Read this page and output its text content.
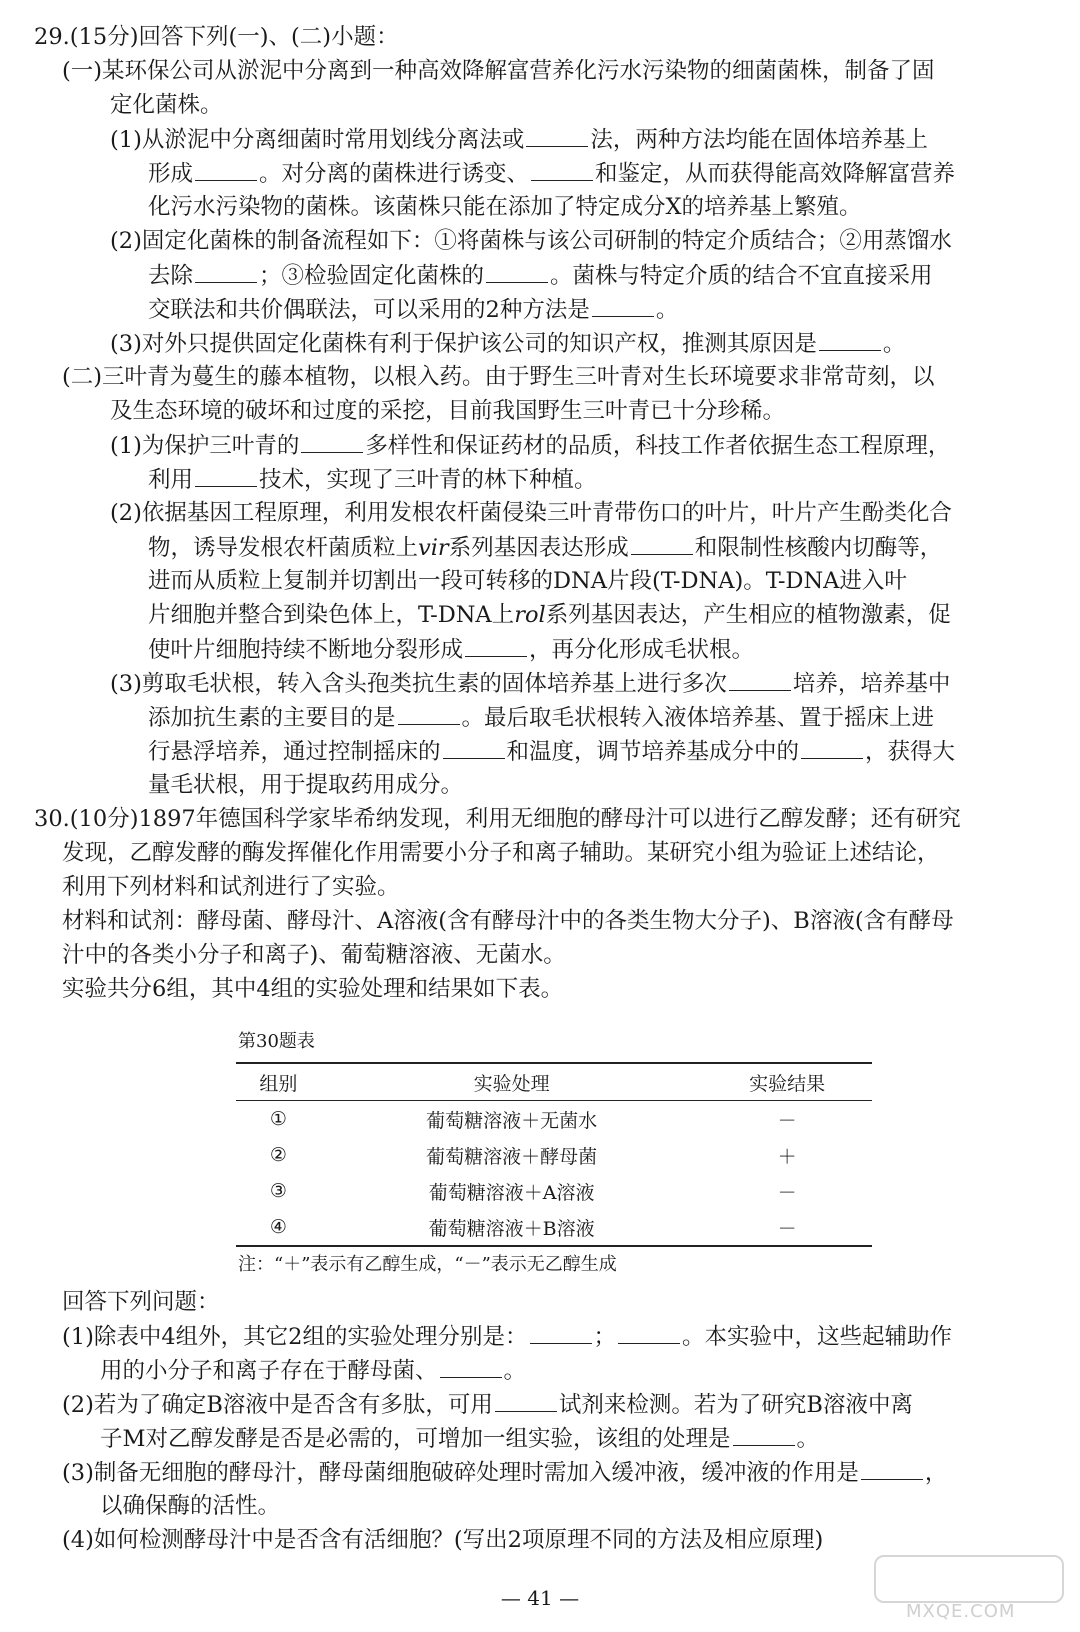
29.(15分)回答下列(一)、(二)小题：
(一)某环保公司从淤泥中分离到一种高效降解富营养化污水污染物的细菌菌株，制备了固
定化菌株。
(1)从淤泥中分离细菌时常用划线分离法或	法，两种方法均能在固体培养基上
形成	。对分离的菌株进行诱变、	和鉴定，从而获得能高效降解富营养
化污水污染物的菌株。该菌株只能在添加了特定成分X的培养基上繁殖。
(2)固定化菌株的制备流程如下：①将菌株与该公司研制的特定介质结合；②用蒸馏水
去除	；③检验固定化菌株的	。菌株与特定介质的结合不宜直接采用
交联法和共价偶联法，可以采用的2种方法是	。
(3)对外只提供固定化菌株有利于保护该公司的知识产权，推测其原因是	。
(二)三叶青为蔓生的藤本植物，以根入药。由于野生三叶青对生长环境要求非常苛刻，以
及生态环境的破坏和过度的采挖，目前我国野生三叶青已十分珍稀。
(1)为保护三叶青的	多样性和保证药材的品质，科技工作者依据生态工程原理，
利用	技术，实现了三叶青的林下种植。
(2)依据基因工程原理，利用发根农杆菌侵染三叶青带伤口的叶片，叶片产生酚类化合
物，诱导发根农杆菌质粒上vir系列基因表达形成	和限制性核酸内切酶等，
进而从质粒上复制并切割出一段可转移的DNA片段(T-DNA)。T-DNA进入叶
片细胞并整合到染色体上，T-DNA上rol系列基因表达，产生相应的植物激素，促
使叶片细胞持续不断地分裂形成	，再分化形成毛状根。
(3)剪取毛状根，转入含头孢类抗生素的固体培养基上进行多次	培养，培养基中
添加抗生素的主要目的是	。最后取毛状根转入液体培养基、置于摇床上进
行悬浮培养，通过控制摇床的	和温度，调节培养基成分中的	，获得大
量毛状根，用于提取药用成分。
30.(10分)1897年德国科学家毕希纳发现，利用无细胞的酵母汁可以进行乙醇发酵；还有研究
发现，乙醇发酵的酶发挥催化作用需要小分子和离子辅助。某研究小组为验证上述结论，
利用下列材料和试剂进行了实验。
材料和试剂：酵母菌、酵母汁、A溶液(含有酵母汁中的各类生物大分子)、B溶液(含有酵母
汁中的各类小分子和离子)、葡萄糖溶液、无菌水。
实验共分6组，其中4组的实验处理和结果如下表。
第30题表
组别	实验处理	实验结果
①	葡萄糖溶液＋无菌水	－
②	葡萄糖溶液＋酵母菌	＋
③	葡萄糖溶液＋A溶液	－
④	葡萄糖溶液＋B溶液	－
注：“＋”表示有乙醇生成，“－”表示无乙醇生成
回答下列问题：
(1)除表中4组外，其它2组的实验处理分别是：	；	。本实验中，这些起辅助作
用的小分子和离子存在于酵母菌、	。
(2)若为了确定B溶液中是否含有多肽，可用	试剂来检测。若为了研究B溶液中离
子M对乙醇发酵是否是必需的，可增加一组实验，该组的处理是	。
(3)制备无细胞的酵母汁，酵母菌细胞破碎处理时需加入缓冲液，缓冲液的作用是	，
以确保酶的活性。
(4)如何检测酵母汁中是否含有活细胞？(写出2项原理不同的方法及相应原理)
— 41 —
MXQE.COM
